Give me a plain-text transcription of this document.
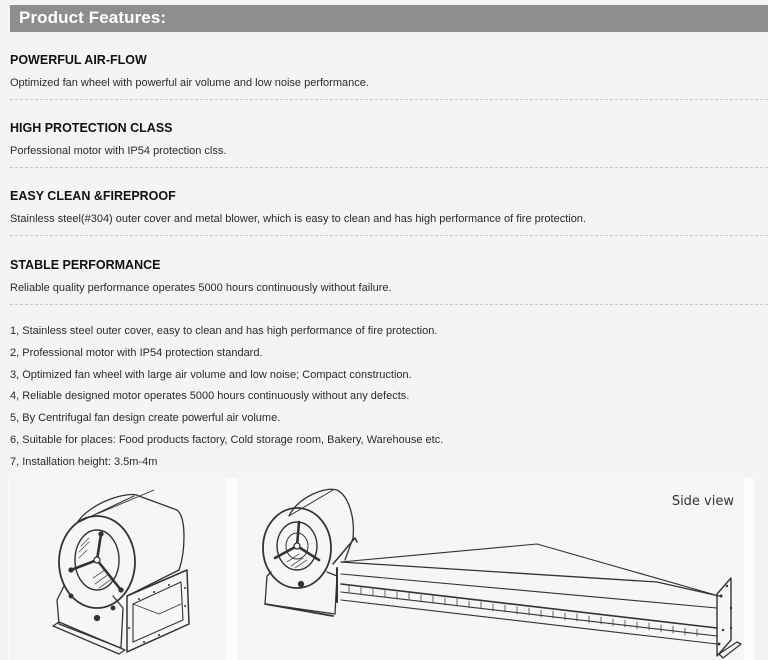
Product Features:
POWERFUL AIR-FLOW
Optimized fan wheel with powerful air volume and low noise performance.
HIGH PROTECTION CLASS
Porfessional motor with IP54 protection clss.
EASY CLEAN &FIREPROOF
Stainless steel(#304) outer cover and metal blower, which is easy to clean and has high performance of fire protection.
STABLE PERFORMANCE
Reliable quality performance operates 5000 hours continuously without failure.
1, Stainless steel outer cover, easy to clean and has high performance of fire protection.
2, Professional motor with IP54 protection standard.
3, Optimized fan wheel with large air volume and low noise; Compact construction.
4, Reliable designed motor operates 5000 hours continuously without any defects.
5, By Centrifugal fan design create powerful air volume.
6, Suitable for places: Food products factory, Cold storage room, Bakery, Warehouse etc.
7, Installation height: 3.5m-4m
Side view
